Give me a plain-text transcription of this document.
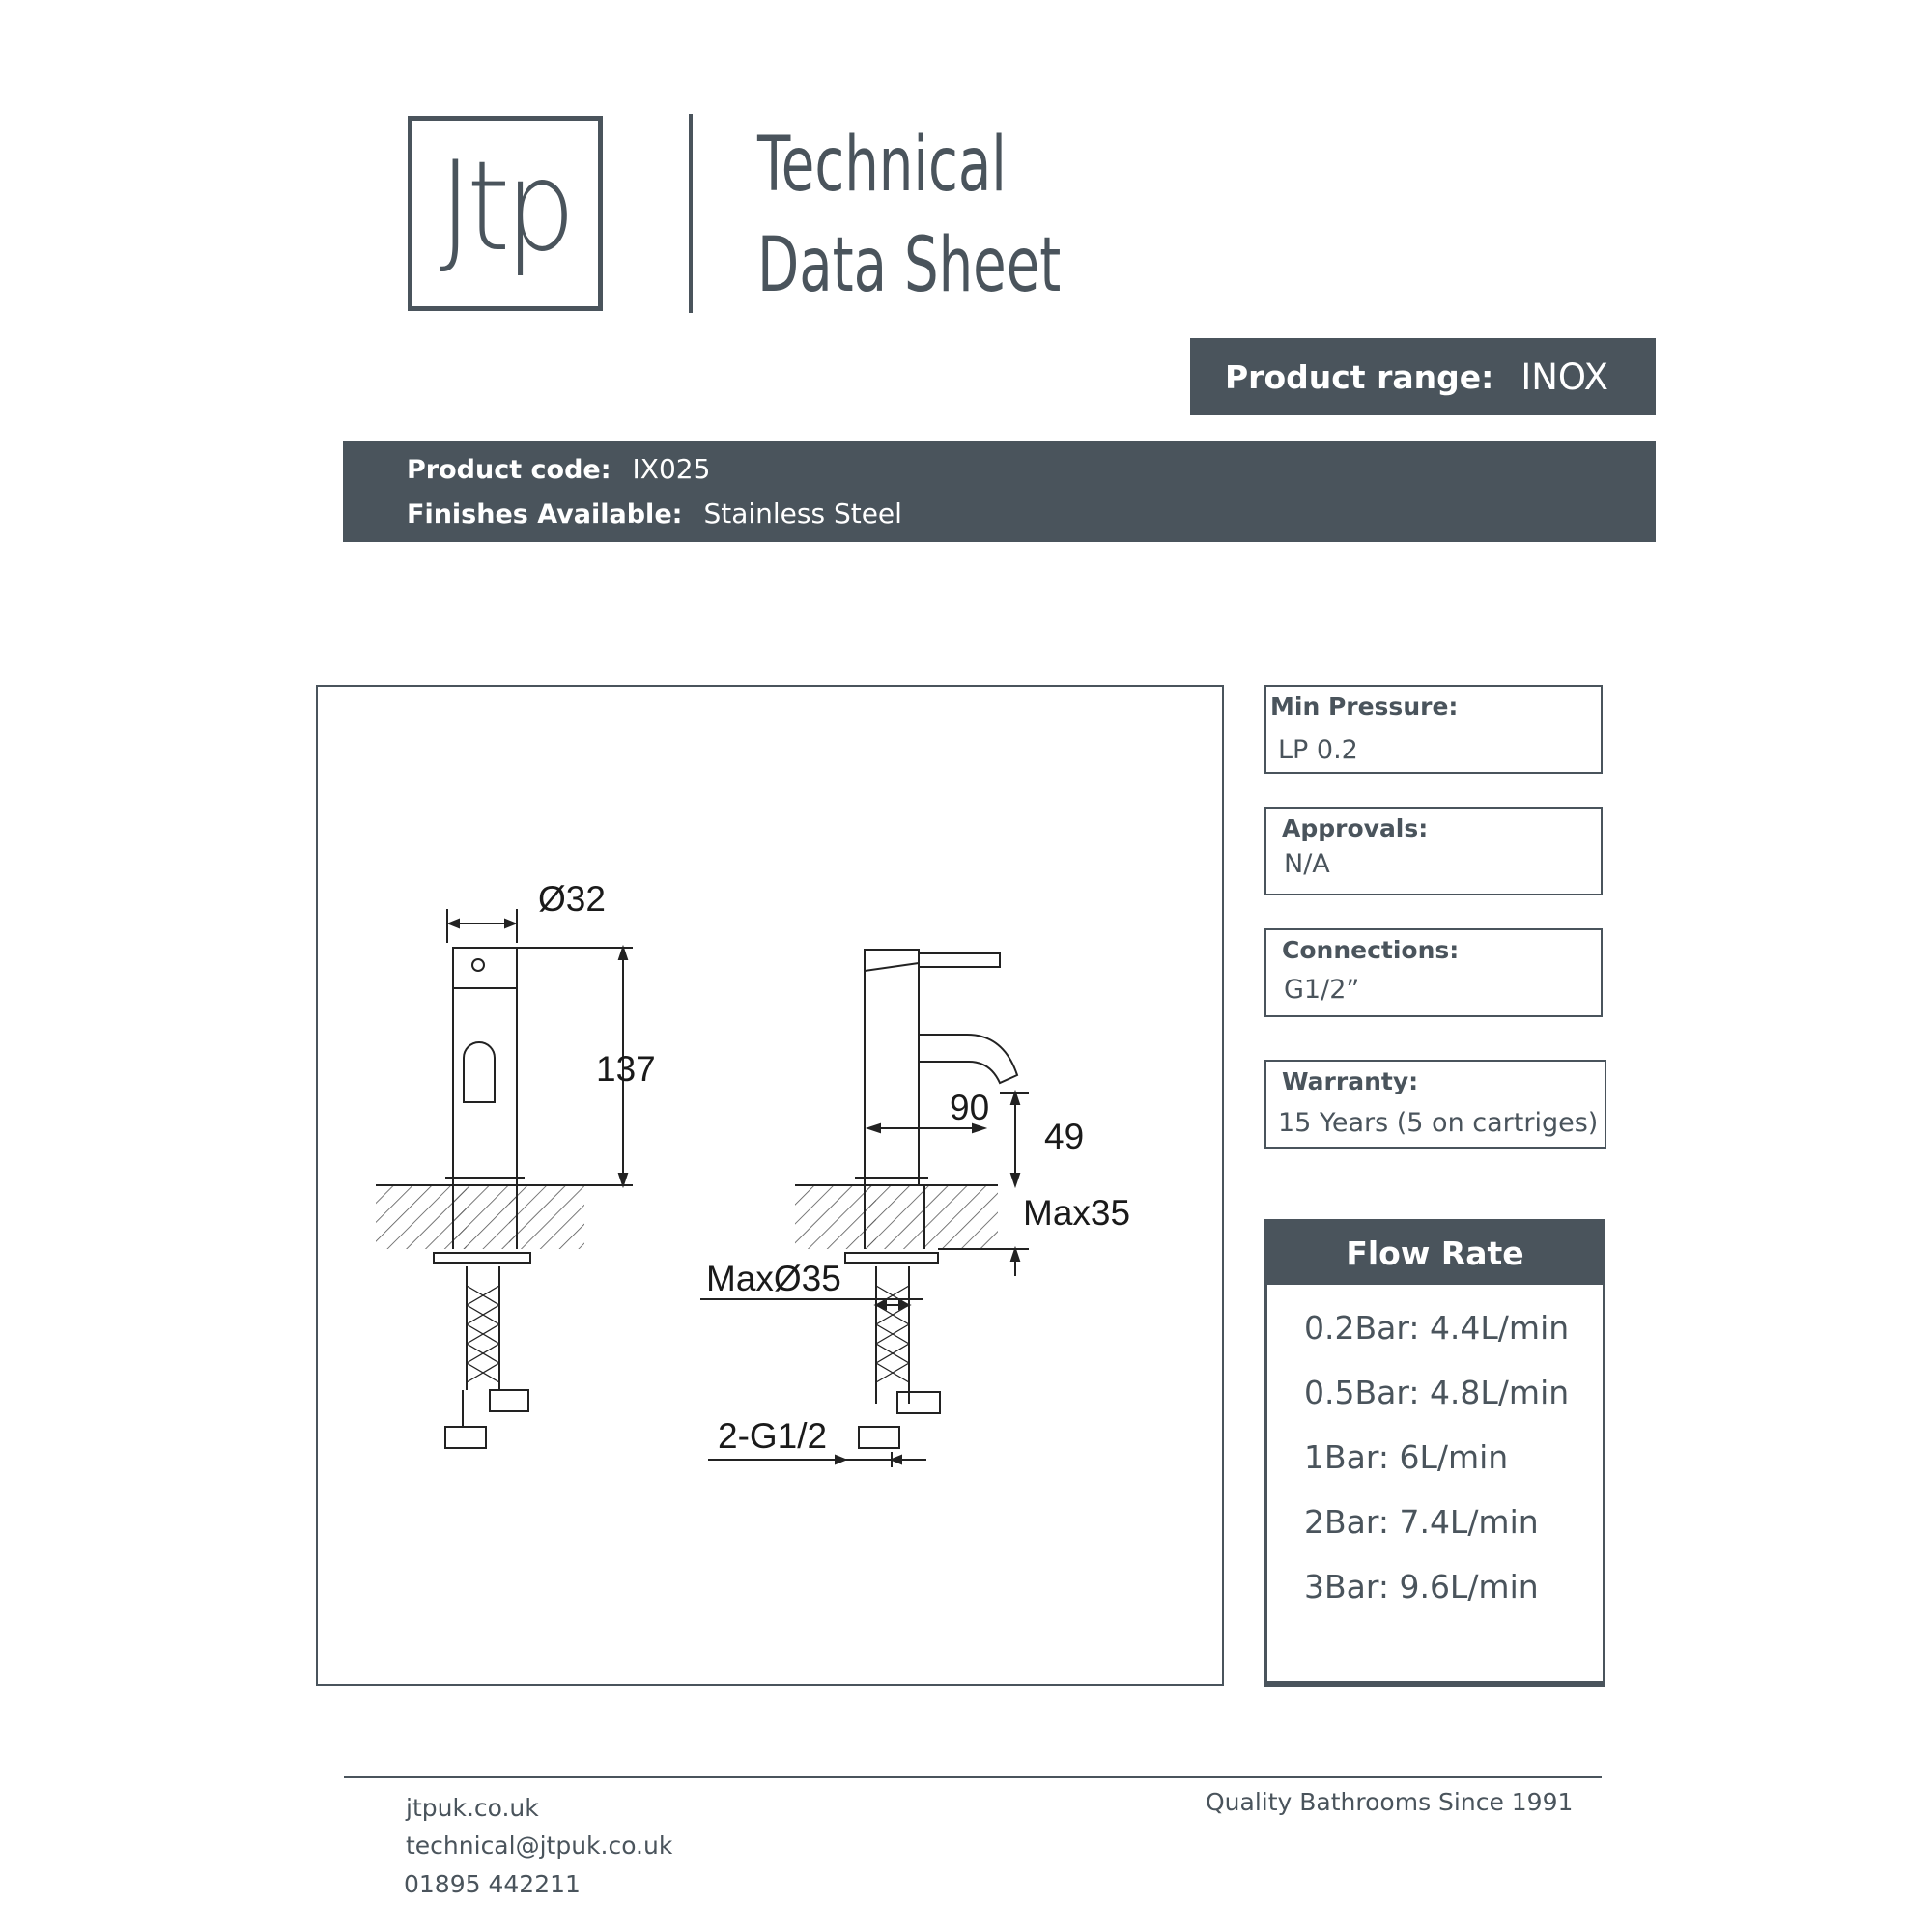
Jtp Technical
Data Sheet
Product range: INOX
Product code: IX025
Finishes Available: Stainless Steel
Ø32
137
90
49
Max35
MaxØ35
2-G1/2
Min Pressure:
LP 0.2
Approvals:
N/A
Connections:
G1/2”
Warranty:
15 Years (5 on cartriges)
Flow Rate
0.2Bar: 4.4L/min
0.5Bar: 4.8L/min
1Bar: 6L/min
2Bar: 7.4L/min
3Bar: 9.6L/min
jtpuk.co.uk
technical@jtpuk.co.uk
01895 442211
Quality Bathrooms Since 1991
